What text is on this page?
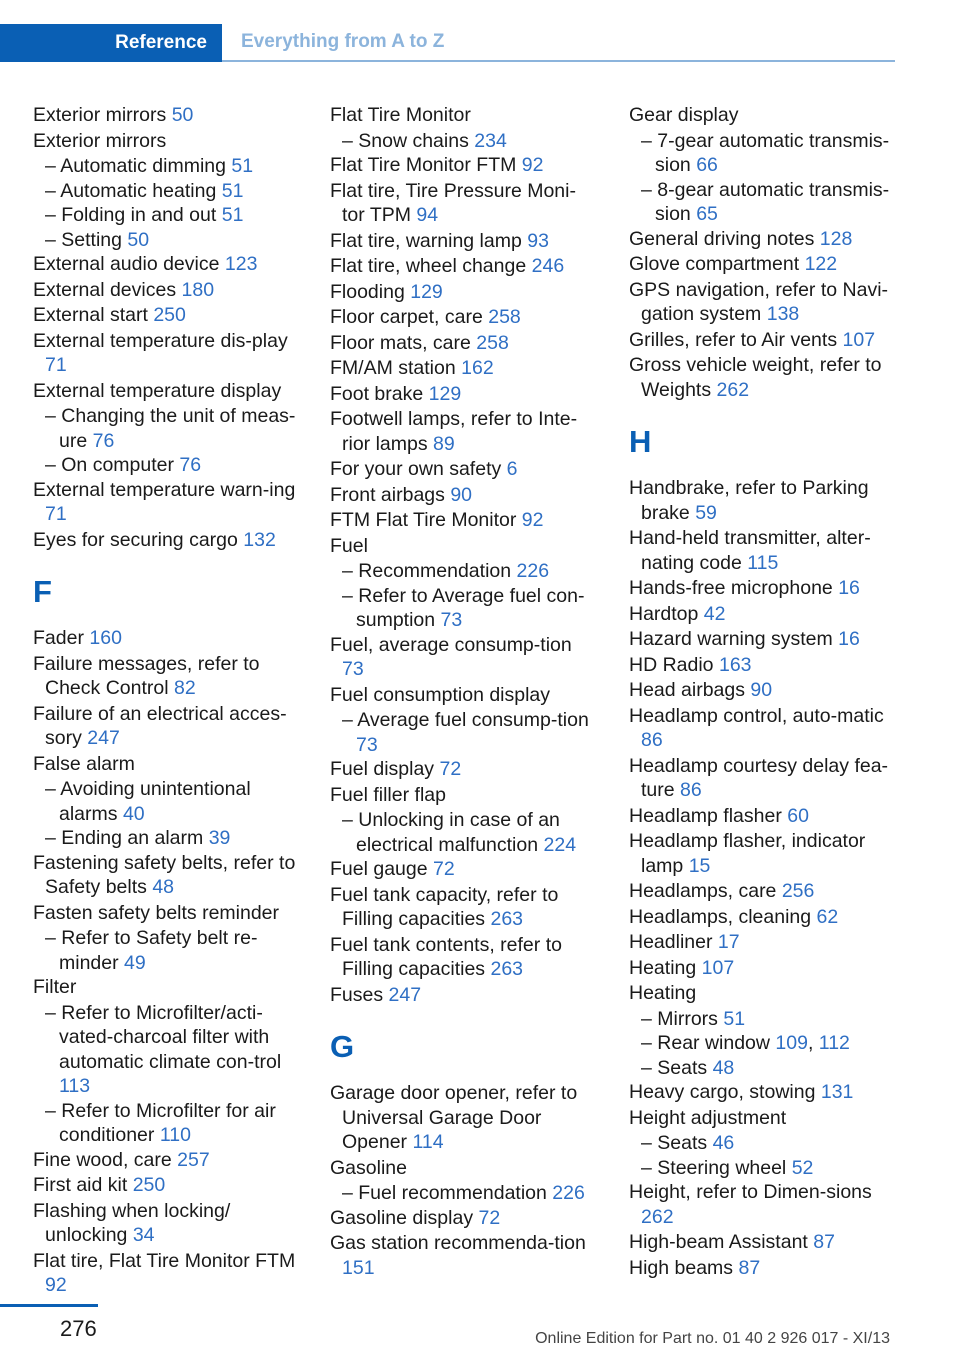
Reference	Everything from A to Z
Exterior mirrors 50
Exterior mirrors
– Automatic dimming 51
– Automatic heating 51
– Folding in and out 51
– Setting 50
External audio device 123
External devices 180
External start 250
External temperature dis‐play 71
External temperature display
– Changing the unit of meas‐ure 76
– On computer 76
External temperature warn‐ing 71
Eyes for securing cargo 132
F
Fader 160
Failure messages, refer to Check Control 82
Failure of an electrical acces‐sory 247
False alarm
– Avoiding unintentional alarms 40
– Ending an alarm 39
Fastening safety belts, refer to Safety belts 48
Fasten safety belts reminder
– Refer to Safety belt re‐minder 49
Filter
– Refer to Microfilter/acti‐vated-charcoal filter with automatic climate con‐trol 113
– Refer to Microfilter for air conditioner 110
Fine wood, care 257
First aid kit 250
Flashing when locking/ unlocking 34
Flat tire, Flat Tire Monitor FTM 92
Flat Tire Monitor
– Snow chains 234
Flat Tire Monitor FTM 92
Flat tire, Tire Pressure Moni‐tor TPM 94
Flat tire, warning lamp 93
Flat tire, wheel change 246
Flooding 129
Floor carpet, care 258
Floor mats, care 258
FM/AM station 162
Foot brake 129
Footwell lamps, refer to Inte‐rior lamps 89
For your own safety 6
Front airbags 90
FTM Flat Tire Monitor 92
Fuel
– Recommendation 226
– Refer to Average fuel con‐sumption 73
Fuel, average consump‐tion 73
Fuel consumption display
– Average fuel consump‐tion 73
Fuel display 72
Fuel filler flap
– Unlocking in case of an electrical malfunction 224
Fuel gauge 72
Fuel tank capacity, refer to Filling capacities 263
Fuel tank contents, refer to Filling capacities 263
Fuses 247
G
Garage door opener, refer to Universal Garage Door Opener 114
Gasoline
– Fuel recommendation 226
Gasoline display 72
Gas station recommenda‐tion 151
Gear display
– 7-gear automatic transmis‐sion 66
– 8-gear automatic transmis‐sion 65
General driving notes 128
Glove compartment 122
GPS navigation, refer to Navi‐gation system 138
Grilles, refer to Air vents 107
Gross vehicle weight, refer to Weights 262
H
Handbrake, refer to Parking brake 59
Hand-held transmitter, alter‐nating code 115
Hands-free microphone 16
Hardtop 42
Hazard warning system 16
HD Radio 163
Head airbags 90
Headlamp control, auto‐matic 86
Headlamp courtesy delay fea‐ture 86
Headlamp flasher 60
Headlamp flasher, indicator lamp 15
Headlamps, care 256
Headlamps, cleaning 62
Headliner 17
Heating 107
Heating
– Mirrors 51
– Rear window 109, 112
– Seats 48
Heavy cargo, stowing 131
Height adjustment
– Seats 46
– Steering wheel 52
Height, refer to Dimen‐sions 262
High-beam Assistant 87
High beams 87
276	Online Edition for Part no. 01 40 2 926 017 - XI/13
